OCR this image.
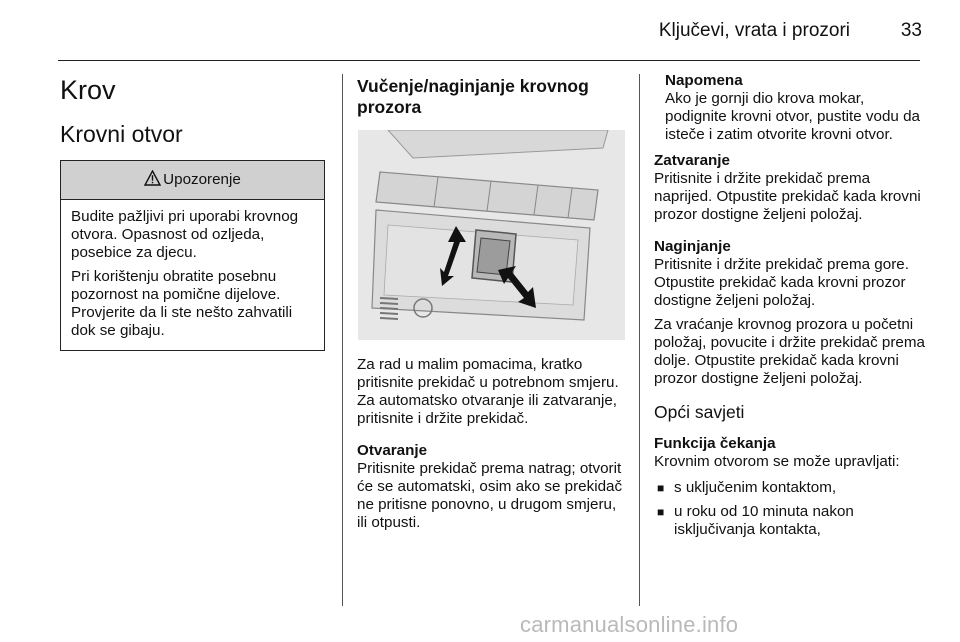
Ključevi, vrata i prozori	33
Krov
Krovni otvor
Upozorenje

Budite pažljivi pri uporabi krovnog otvora. Opasnost od ozljeda, posebice za djecu.

Pri korištenju obratite posebnu pozornost na pomične dijelove. Provjerite da li ste nešto zahvatili dok se gibaju.

Vučenje/naginjanje krovnog prozora

Za rad u malim pomacima, kratko pritisnite prekidač u potrebnom smjeru. Za automatsko otvaranje ili zatvaranje, pritisnite i držite prekidač.

Otvaranje

Pritisnite prekidač prema natrag; otvorit će se automatski, osim ako se prekidač ne pritisne ponovno, u drugom smjeru, ili otpusti.

Napomena

Ako je gornji dio krova mokar, podignite krovni otvor, pustite vodu da isteče i zatim otvorite krovni otvor.

Zatvaranje

Pritisnite i držite prekidač prema naprijed. Otpustite prekidač kada krovni prozor dostigne željeni položaj.

Naginjanje

Pritisnite i držite prekidač prema gore. Otpustite prekidač kada krovni prozor dostigne željeni položaj.

Za vraćanje krovnog prozora u početni položaj, povucite i držite prekidač prema dolje. Otpustite prekidač kada krovni prozor dostigne željeni položaj.

Opći savjeti

Funkcija čekanja

Krovnim otvorom se može upravljati:

■ s uključenim kontaktom,
■ u roku od 10 minuta nakon isključivanja kontakta,
carmanualsonline.info
